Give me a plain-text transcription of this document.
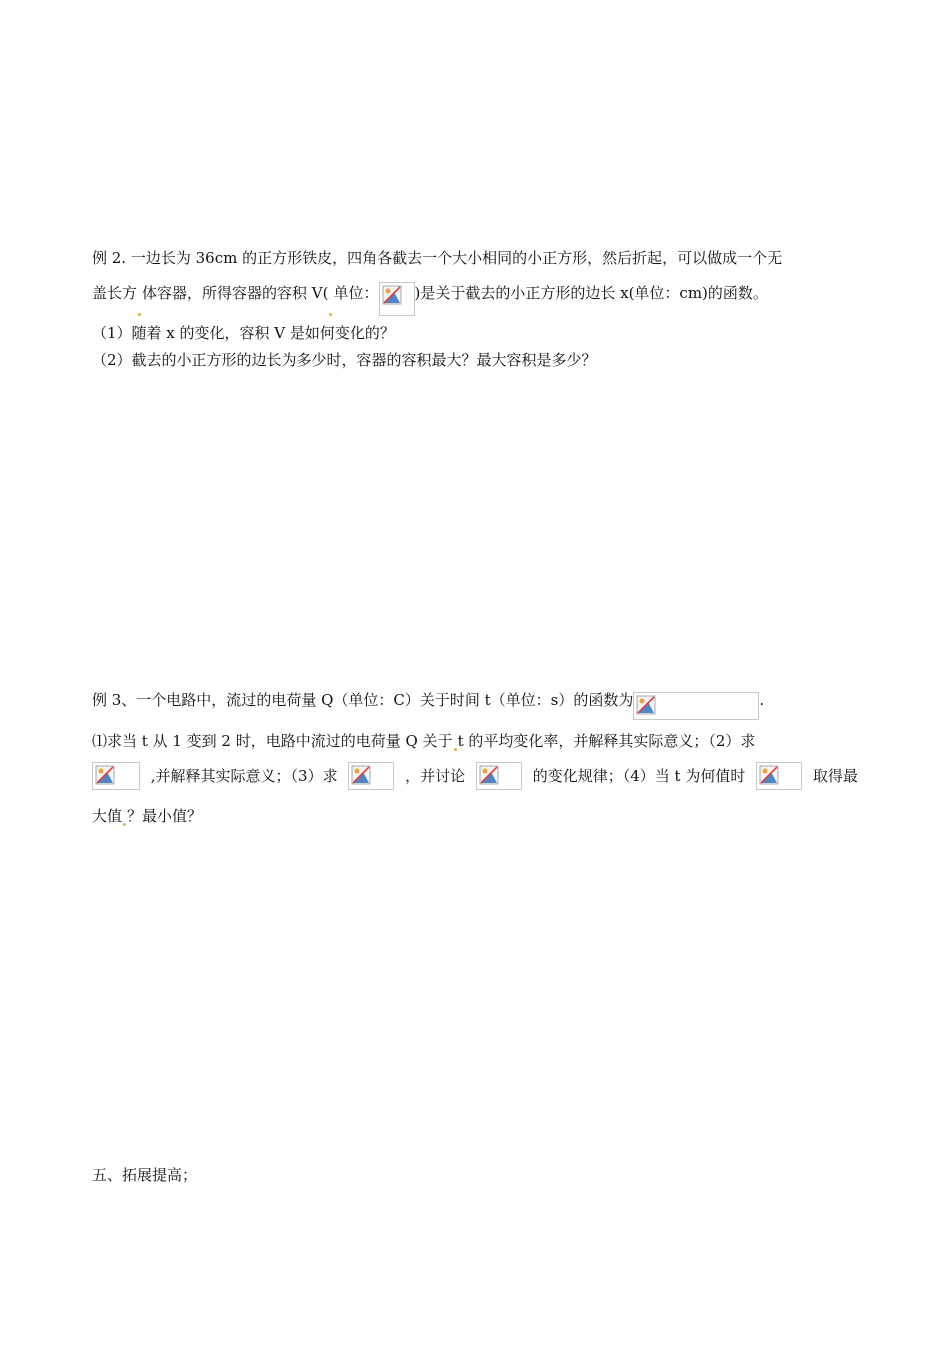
例 2. 一边长为 36cm 的正方形铁皮，四角各截去一个大小相同的小正方形，然后折起，可以做成一个无
盖长方 体容器，所得容器的容积 V( 单位： )是关于截去的小正方形的边长 x(单位：cm)的函数。
（1）随着 x 的变化，容积 V 是如何变化的？
（2）截去的小正方形的边长为多少时，容器的容积最大？最大容积是多少？
例 3、一个电路中，流过的电荷量 Q（单位：C）关于时间 t（单位：s）的函数为	.
⑴求当 t 从 1 变到 2 时，电路中流过的电荷量 Q 关于 t 的平均变化率，并解释其实际意义；（2）求
,并解释其实际意义；（3）求	，并讨论	的变化规律；（4）当 t 为何值时	取得最
大值 ？最小值？
五、拓展提高；
